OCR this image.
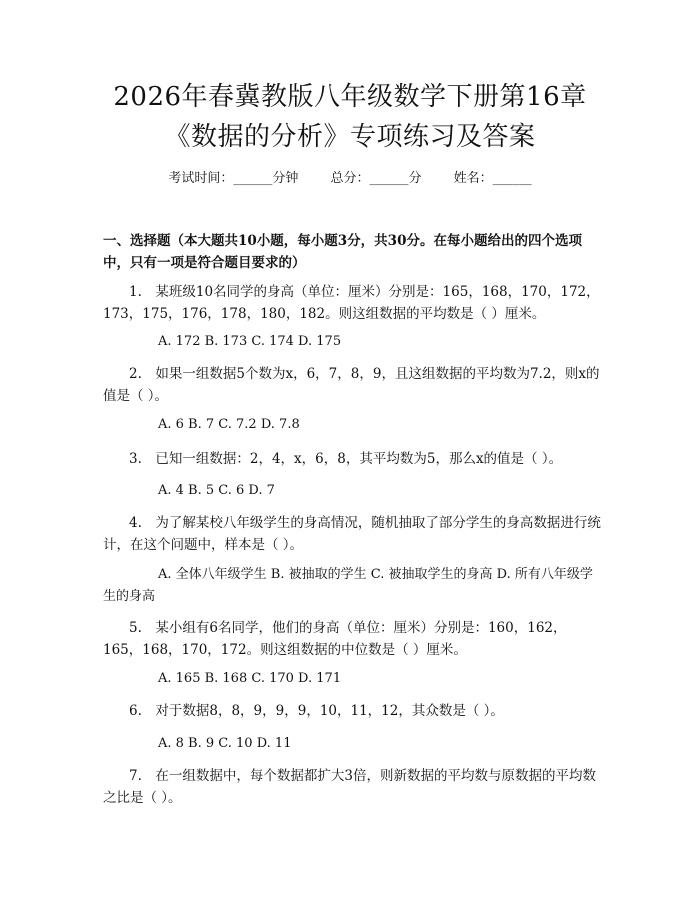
2026年春冀教版八年级数学下册第16章
《数据的分析》专项练习及答案
考试时间：______分钟 总分：______分 姓名：______
一、选择题（本大题共10小题，每小题3分，共30分。在每小题给出的四个选项中，只有一项是符合题目要求的）
1.　某班级10名同学的身高（单位：厘米）分别是：165，168，170，172，173，175，176，178，180，182。则这组数据的平均数是（ ）厘米。
A. 172 B. 173 C. 174 D. 175
2.　如果一组数据5个数为x，6，7，8，9，且这组数据的平均数为7.2，则x的值是（ ）。
A. 6 B. 7 C. 7.2 D. 7.8
3.　已知一组数据：2，4，x，6，8，其平均数为5，那么x的值是（ ）。
A. 4 B. 5 C. 6 D. 7
4.　为了解某校八年级学生的身高情况，随机抽取了部分学生的身高数据进行统计，在这个问题中，样本是（ ）。
A. 全体八年级学生 B. 被抽取的学生 C. 被抽取学生的身高 D. 所有八年级学生的身高
5.　某小组有6名同学，他们的身高（单位：厘米）分别是：160，162，165，168，170，172。则这组数据的中位数是（ ）厘米。
A. 165 B. 168 C. 170 D. 171
6.　对于数据8，8，9，9，9，10，11，12，其众数是（ ）。
A. 8 B. 9 C. 10 D. 11
7.　在一组数据中，每个数据都扩大3倍，则新数据的平均数与原数据的平均数之比是（ ）。
